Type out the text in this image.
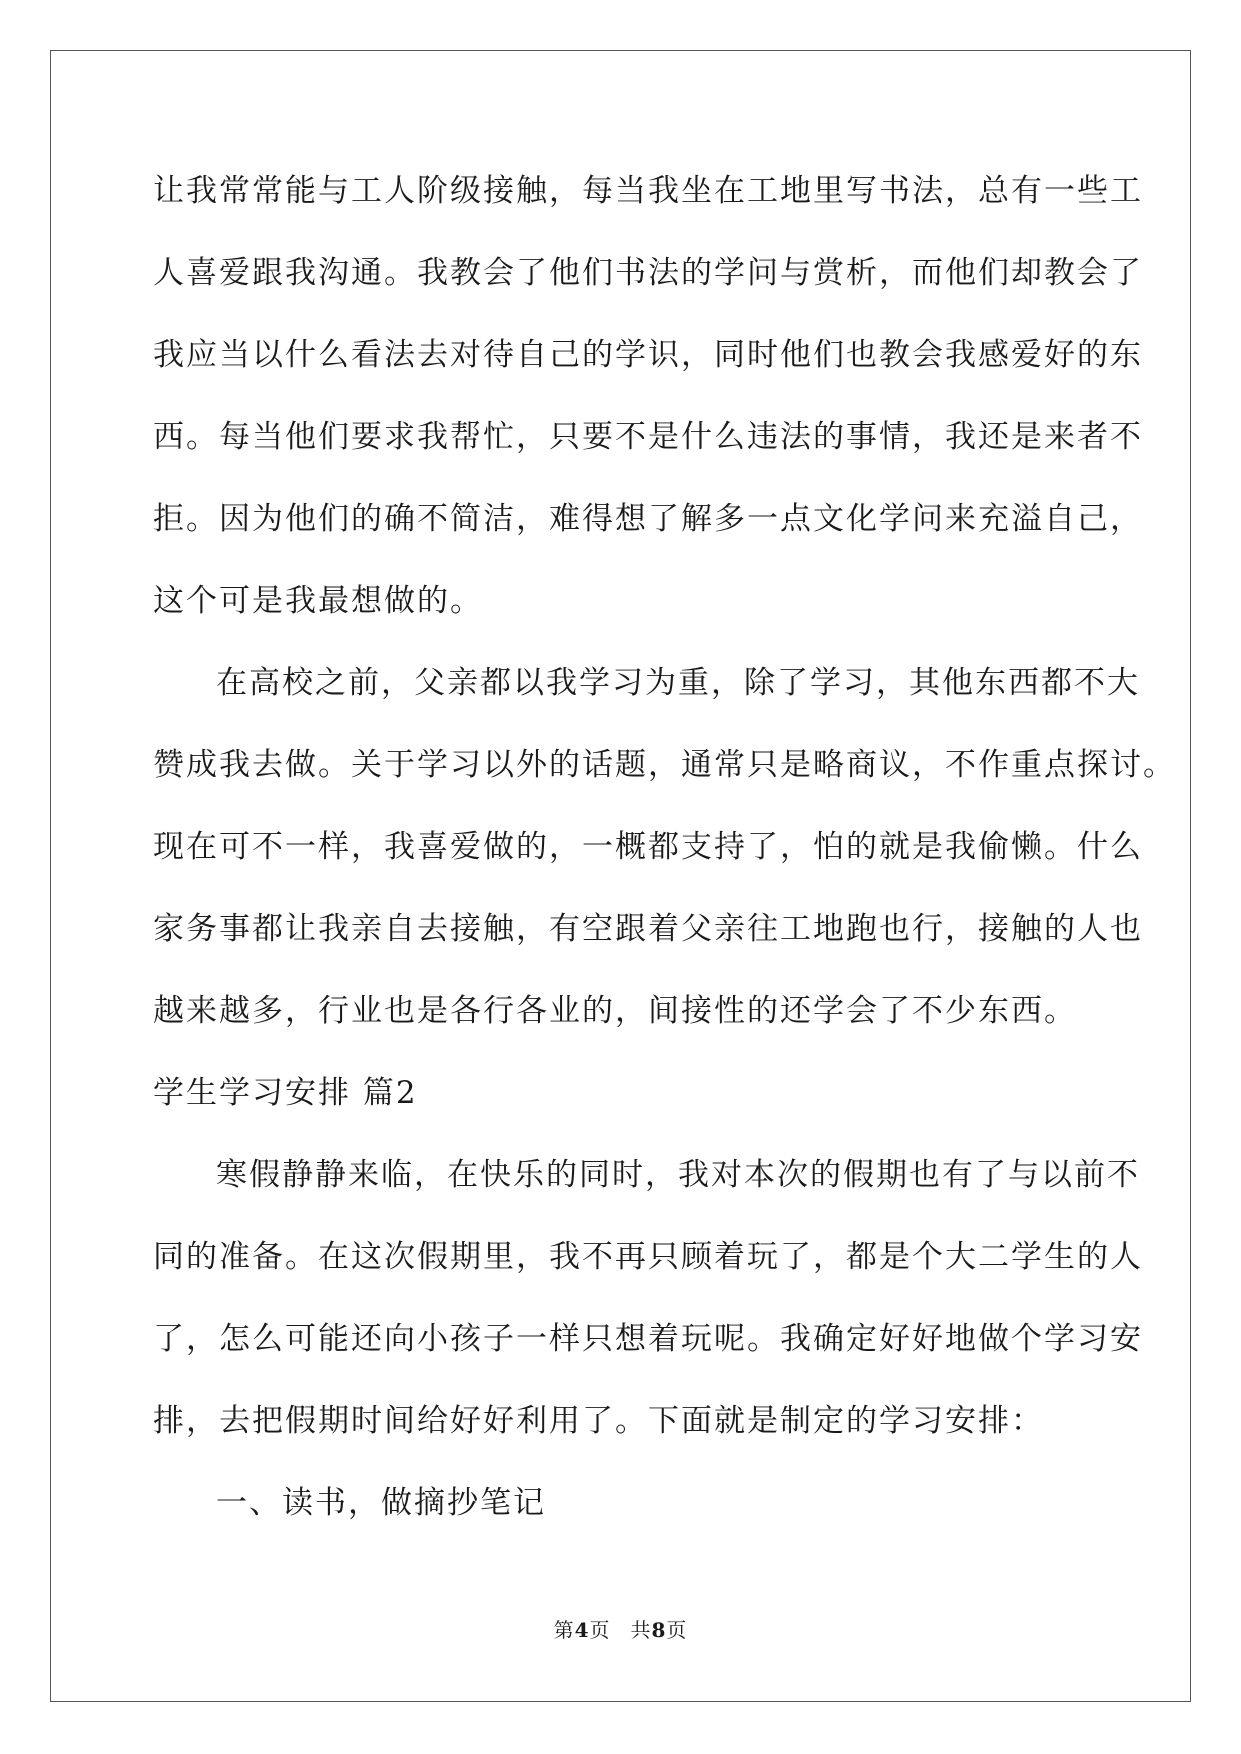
让我常常能与工人阶级接触，每当我坐在工地里写书法，总有一些工
人喜爱跟我沟通。我教会了他们书法的学问与赏析，而他们却教会了
我应当以什么看法去对待自己的学识，同时他们也教会我感爱好的东
西。每当他们要求我帮忙，只要不是什么违法的事情，我还是来者不
拒。因为他们的确不简洁，难得想了解多一点文化学问来充溢自己，
这个可是我最想做的。
在高校之前，父亲都以我学习为重，除了学习，其他东西都不大
赞成我去做。关于学习以外的话题，通常只是略商议，不作重点探讨。
现在可不一样，我喜爱做的，一概都支持了，怕的就是我偷懒。什么
家务事都让我亲自去接触，有空跟着父亲往工地跑也行，接触的人也
越来越多，行业也是各行各业的，间接性的还学会了不少东西。
学生学习安排 篇2
寒假静静来临，在快乐的同时，我对本次的假期也有了与以前不
同的准备。在这次假期里，我不再只顾着玩了，都是个大二学生的人
了，怎么可能还向小孩子一样只想着玩呢。我确定好好地做个学习安
排，去把假期时间给好好利用了。下面就是制定的学习安排：
一、读书，做摘抄笔记
第4页 共8页
